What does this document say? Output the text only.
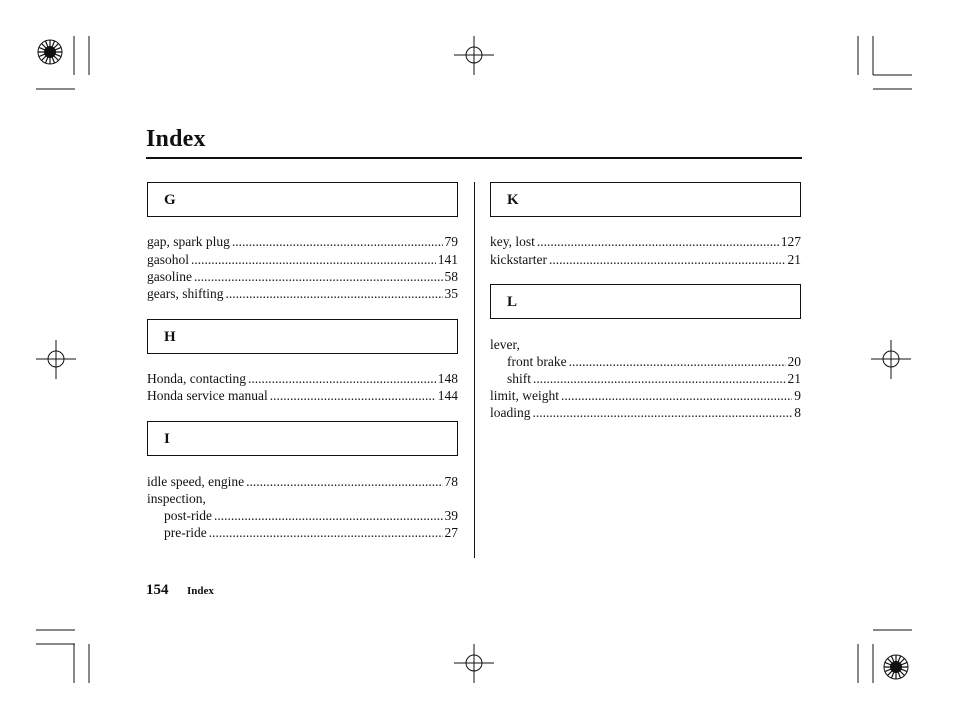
Index
G
gap, spark plug .....	79
gasohol .....	141
gasoline .....	58
gears, shifting .....	35
H
Honda, contacting .....	148
Honda service manual .....	144
I
idle speed, engine .....	78
inspection,
post-ride .....	39
pre-ride .....	27
K
key, lost .....	127
kickstarter .....	21
L
lever,
front brake .....	20
shift .....	21
limit, weight .....	9
loading .....	8
154 Index
